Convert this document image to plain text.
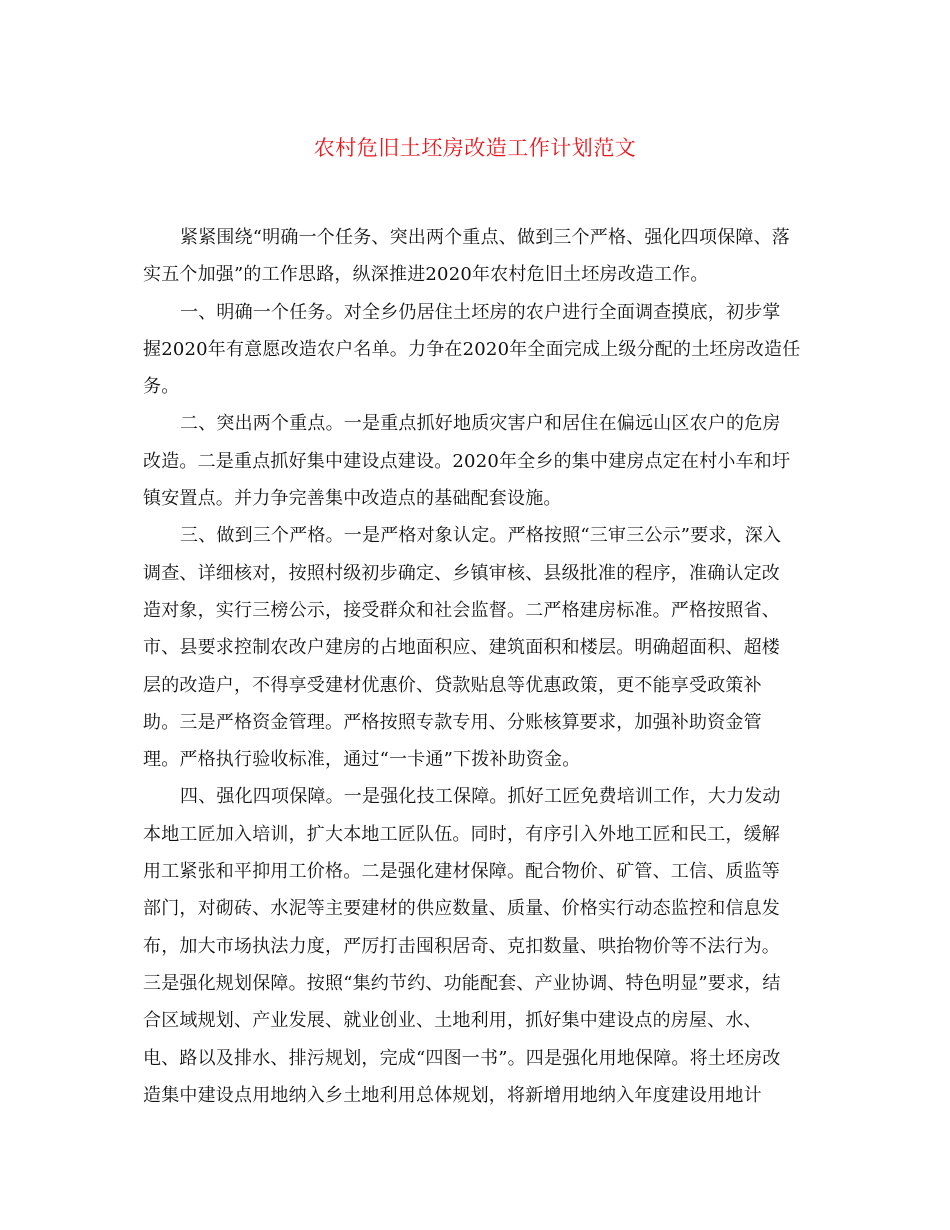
农村危旧土坯房改造工作计划范文
紧紧围绕“明确一个任务、突出两个重点、做到三个严格、强化四项保障、落
实五个加强”的工作思路，纵深推进2020年农村危旧土坯房改造工作。
一、明确一个任务。对全乡仍居住土坯房的农户进行全面调查摸底，初步掌
握2020年有意愿改造农户名单。力争在2020年全面完成上级分配的土坯房改造任
务。
二、突出两个重点。一是重点抓好地质灾害户和居住在偏远山区农户的危房
改造。二是重点抓好集中建设点建设。2020年全乡的集中建房点定在村小车和圩
镇安置点。并力争完善集中改造点的基础配套设施。
三、做到三个严格。一是严格对象认定。严格按照“三审三公示”要求，深入
调查、详细核对，按照村级初步确定、乡镇审核、县级批准的程序，准确认定改
造对象，实行三榜公示，接受群众和社会监督。二严格建房标准。严格按照省、
市、县要求控制农改户建房的占地面积应、建筑面积和楼层。明确超面积、超楼
层的改造户，不得享受建材优惠价、贷款贴息等优惠政策，更不能享受政策补
助。三是严格资金管理。严格按照专款专用、分账核算要求，加强补助资金管
理。严格执行验收标准，通过“一卡通”下拨补助资金。
四、强化四项保障。一是强化技工保障。抓好工匠免费培训工作，大力发动
本地工匠加入培训，扩大本地工匠队伍。同时，有序引入外地工匠和民工，缓解
用工紧张和平抑用工价格。二是强化建材保障。配合物价、矿管、工信、质监等
部门，对砌砖、水泥等主要建材的供应数量、质量、价格实行动态监控和信息发
布，加大市场执法力度，严厉打击囤积居奇、克扣数量、哄抬物价等不法行为。
三是强化规划保障。按照“集约节约、功能配套、产业协调、特色明显”要求，结
合区域规划、产业发展、就业创业、土地利用，抓好集中建设点的房屋、水、
电、路以及排水、排污规划，完成“四图一书”。四是强化用地保障。将土坯房改
造集中建设点用地纳入乡土地利用总体规划，将新增用地纳入年度建设用地计
